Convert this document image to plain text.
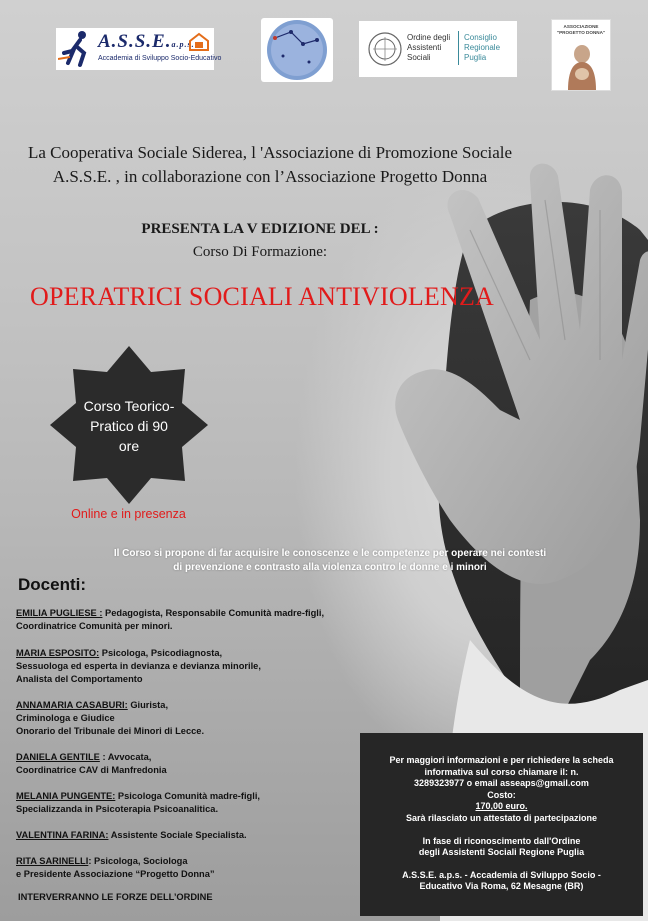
A.S.S.E.a.p.s.
Accademia di Sviluppo Socio-Educativo
Ordine degli
Assistenti
Sociali
Consiglio
Regionale
Puglia
ASSOCIAZIONE
"PROGETTO DONNA"
La Cooperativa Sociale Siderea, l 'Associazione di Promozione Sociale
A.S.S.E. , in collaborazione con l’Associazione Progetto Donna
PRESENTA LA V EDIZIONE DEL :
Corso Di Formazione:
OPERATRICI SOCIALI ANTIVIOLENZA
Corso Teorico-
Pratico di 90
ore
Online e in presenza
Il Corso si propone di far acquisire le conoscenze e le competenze per operare nei contesti
di prevenzione e contrasto alla violenza contro le donne e i minori
Docenti:
EMILIA PUGLIESE : Pedagogista, Responsabile Comunità madre-figli,
Coordinatrice Comunità per minori.
MARIA ESPOSITO: Psicologa, Psicodiagnosta,
Sessuologa ed esperta in devianza e devianza minorile,
Analista del Comportamento
ANNAMARIA CASABURI: Giurista,
Criminologa e Giudice
Onorario del Tribunale dei Minori di Lecce.
DANIELA GENTILE : Avvocata,
Coordinatrice CAV di Manfredonia
MELANIA PUNGENTE: Psicologa Comunità madre-figli,
Specializzanda in Psicoterapia Psicoanalitica.
VALENTINA FARINA: Assistente Sociale Specialista.
RITA SARINELLI: Psicologa, Sociologa
e Presidente Associazione “Progetto Donna”
INTERVERRANNO LE FORZE DELL’ORDINE

Per maggiori informazioni e per richiedere la scheda

informativa sul corso chiamare il: n.

3289323977 o email asseaps@gmail.com

Costo:

170,00 euro.

Sarà rilasciato un attestato di partecipazione

In fase di riconoscimento dall'Ordine

degli Assistenti Sociali Regione Puglia

A.S.S.E. a.p.s. - Accademia di Sviluppo Socio -

Educativo Via Roma, 62 Mesagne (BR)
